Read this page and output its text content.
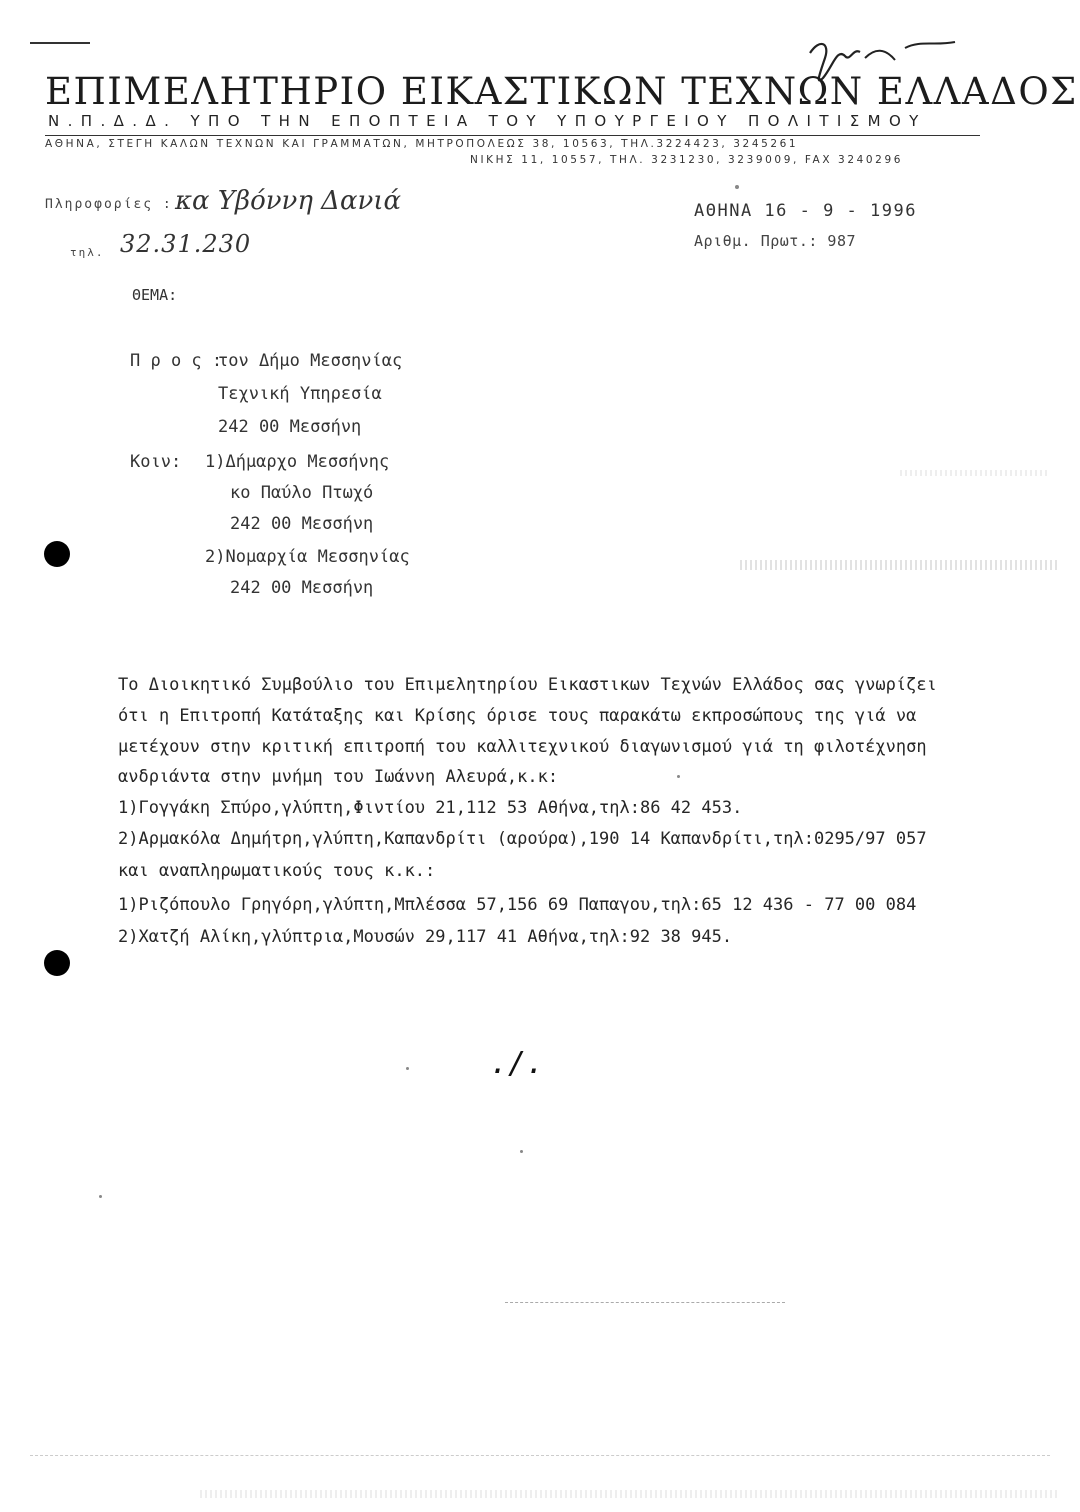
ΕΠΙΜΕΛΗΤΗΡΙΟ ΕΙΚΑΣΤΙΚΩΝ ΤΕΧΝΩΝ ΕΛΛΑΔΟΣ
Ν.Π.Δ.Δ. ΥΠΟ ΤΗΝ ΕΠΟΠΤΕΙΑ ΤΟΥ ΥΠΟΥΡΓΕΙΟΥ ΠΟΛΙΤΙΣΜΟΥ
ΑΘΗΝΑ, ΣΤΕΓΗ ΚΑΛΩΝ ΤΕΧΝΩΝ ΚΑΙ ΓΡΑΜΜΑΤΩΝ, ΜΗΤΡΟΠΟΛΕΩΣ 38, 10563, ΤΗΛ.3224423, 3245261
ΝΙΚΗΣ 11, 10557, ΤΗΛ. 3231230, 3239009, FAX 3240296
Πληροφορίες : κα Υβόννη Δανιά
τηλ. 32.31.230
ΑΘΗΝΑ 16 - 9 - 1996
Αριθμ. Πρωτ.: 987
ΘΕΜΑ:
Π ρ ο ς :
τον Δήμο Μεσσηνίας
Τεχνική Υπηρεσία
242 00 Μεσσήνη
Κοιν: 1)Δήμαρχο Μεσσήνης
κο Παύλο Πτωχό
242 00 Μεσσήνη
2)Νομαρχία Μεσσηνίας
242 00 Μεσσήνη
Το Διοικητικό Συμβούλιο του Επιμελητηρίου Εικαστικων Τεχνών Ελλάδος σας γνωρίζει
ότι η Επιτροπή Κατάταξης και Κρίσης όρισε τους παρακάτω εκπροσώπους της γιά να
μετέχουν στην κριτική επιτροπή του καλλιτεχνικού διαγωνισμού γιά τη φιλοτέχνηση
ανδριάντα στην μνήμη του Ιωάννη Αλευρά,κ.κ:
1)Γογγάκη Σπύρο,γλύπτη,Φιντίου 21,112 53 Αθήνα,τηλ:86 42 453.
2)Αρμακόλα Δημήτρη,γλύπτη,Καπανδρίτι (αρούρα),190 14 Καπανδρίτι,τηλ:0295/97 057
και αναπληρωματικούς τους κ.κ.:
1)Ριζόπουλο Γρηγόρη,γλύπτη,Μπλέσσα 57,156 69 Παπαγου,τηλ:65 12 436 - 77 00 084
2)Χατζή Αλίκη,γλύπτρια,Μουσών 29,117 41 Αθήνα,τηλ:92 38 945.
./.
